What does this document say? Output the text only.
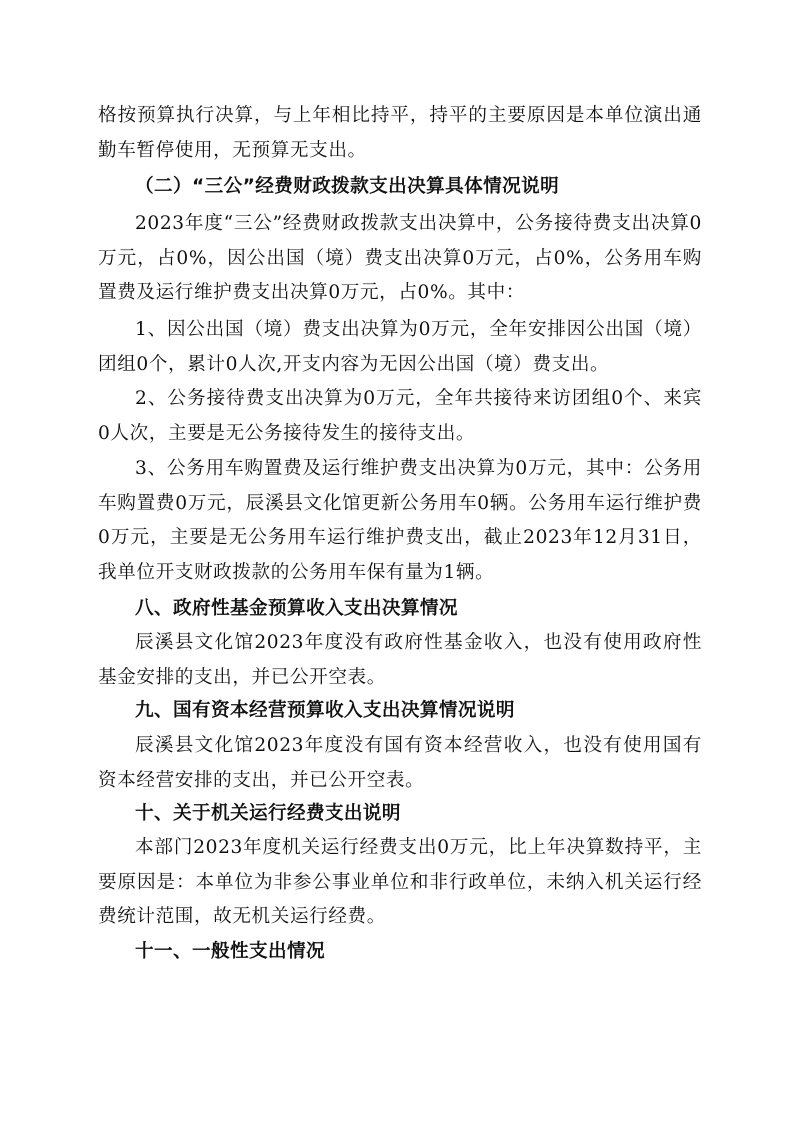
格按预算执行决算，与上年相比持平，持平的主要原因是本单位演出通勤车暂停使用，无预算无支出。
（二）“三公”经费财政拨款支出决算具体情况说明
2023年度“三公”经费财政拨款支出决算中，公务接待费支出决算0万元，占0%，因公出国（境）费支出决算0万元，占0%，公务用车购置费及运行维护费支出决算0万元，占0%。其中：
1、因公出国（境）费支出决算为0万元，全年安排因公出国（境）团组0个，累计0人次,开支内容为无因公出国（境）费支出。
2、公务接待费支出决算为0万元，全年共接待来访团组0个、来宾0人次，主要是无公务接待发生的接待支出。
3、公务用车购置费及运行维护费支出决算为0万元，其中：公务用车购置费0万元，辰溪县文化馆更新公务用车0辆。公务用车运行维护费0万元，主要是无公务用车运行维护费支出，截止2023年12月31日，我单位开支财政拨款的公务用车保有量为1辆。
八、政府性基金预算收入支出决算情况
辰溪县文化馆2023年度没有政府性基金收入，也没有使用政府性基金安排的支出，并已公开空表。
九、国有资本经营预算收入支出决算情况说明
辰溪县文化馆2023年度没有国有资本经营收入，也没有使用国有资本经营安排的支出，并已公开空表。
十、关于机关运行经费支出说明
本部门2023年度机关运行经费支出0万元，比上年决算数持平，主要原因是：本单位为非参公事业单位和非行政单位，未纳入机关运行经费统计范围，故无机关运行经费。
十一、一般性支出情况
